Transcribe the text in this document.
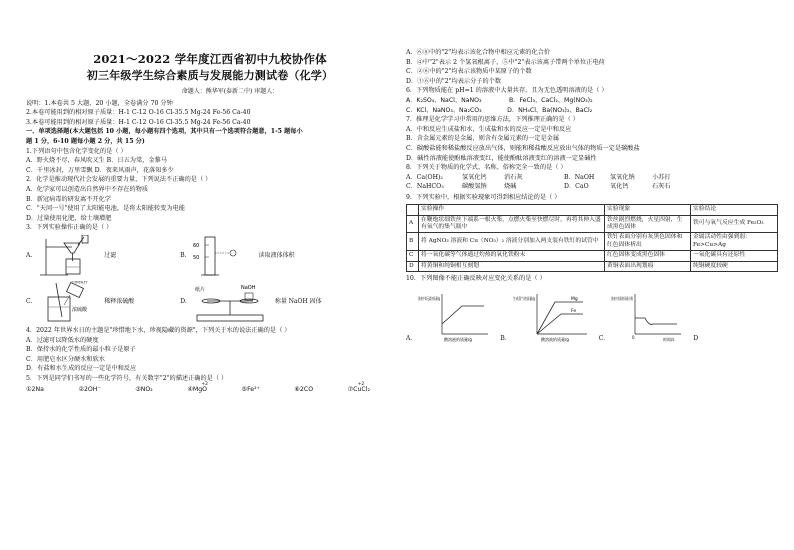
2021～2022 学年度江西省初中九校协作体
初三年级学生综合素质与发展能力测试卷（化学）
命题人：熊华军(泰新二中) 审题人：
说明：1.本卷共 5 大题，20 小题，全卷满分 70 分钟
2.本卷可能用到的相对原子质量：H-1 C-12 O-16 Cl-35.5 Mg-24 Fe-56 Ca-40
3.本卷可能用到的相对原子质量：H-1 C-12 O-16 Cl-35.5 Mg-24 Fe-56 Ca-40
一、单项选择题(本大题包括 10 小题，每小题有四个选项，其中只有一个选项符合题意，1-5 题每小
题 1 分，6-10 题每小题 2 分，共 15 分)
1.下列语句中包含化学变化的是（ ）
A．野火烧不尽，春风吹又生 B．日五为棠，金黎马
C．千里冰封，万里雪飘 D．夜来风雨声，花落知多少
2．化学是推动现代社会发展的重要力量，下列说法不正确的是（ ）
A．化学家可以创造出自然界中不存在的物质
B．新冠病毒的研发离不开化学
C．"天问一号"使用了太阳能电池，是将太阳能转变为电能
D．过量使用化肥，给土壤增肥
3．下列实验操作正确的是（ ）
A.	过滤	B.
60
50	读取液体体积
C.
浓硫酸
不断搅拌
稀释浓硫酸	D.
纸片	NaOH
称量 NaOH 固体
4．2022 年世界水日的主题是"珍惜地下水，珍视隐藏的资源"，下列关于水的说法正确的是（ ）
A．过滤可以降低水的硬度
B．保持水的化学性质的最小粒子是原子
C．用肥皂水区分硬水和软水
D．有盐和水生成的反应一定是中和反应
5．下列是同学们书写的一些化学符号，有关数字"2"的描述正确的是（ ）
①2Na	②2OH⁻	③NO₂
+2
④MgO	⑤Fe²⁺	⑥2CO
+2
⑦CuCl₂
A．⑥⑧中的"2"均表示该化合物中相应元素的化合价
B．④中"2"表示 2 个氢氧根离子，⑤中"2"表示该离子带两个单位正电荷
C．②⑥中的"2"均表示该物质中某原子的个数
D．①⑥中的"2"均表示分子的个数
6．下列物质能在 pH=1 的溶液中大量共存，且为无色透明溶液的是（ ）
A．K₂SO₄、NaCl、NaNO₃              B．FeCl₃、CaCl₂、Mg(NO₃)₂
C．KCl、NaNO₃、Na₂CO₃             D．NH₄Cl、Ba(NO₃)₂、BaCl₂
7．推理是化学学习中常用的思维方法，下列推理正确的是（ ）
A．中和反应生成盐和水，生成盐和水的反应一定是中和反应
B．含金属元素的是金属，则含有金属元素的一定是金属
C．碳酸盐能和稀盐酸反应放出气体，则能和稀盐酸反应放出气体的物质一定是碳酸盐
D．碱性溶液能使酚酞溶液变红，能使酚酞溶液变红的溶液一定显碱性
8．下列关于物质的化学式、名称、俗称完全一致的是（ ）
A．Ca(OH)₂	氢氧化钙	消石灰	B．NaOH	氢氧化钠	小苏打
C．NaHCO₃	碳酸氢钠	烧碱	D．CaO	氧化钙	石灰石
9．下列实验中，根据实验现象可得到相应结论的是（ ）
	实验操作	实验现象	实验结论
A	在鞭炮状细铁丝下端系一根火柴，点燃火柴至快燃尽时，再将其伸入盛有氧气的集气瓶中	铁丝剧烈燃烧，火星四射，生成黑色固体	铁可与氧气反应生成 Fe₂O₃
B	将 AgNO₃ 溶液和 Cu（NO₃）₂ 溶液分别加入两支装有铁钉的试管中	铁钉表面分别有灰黑色固体和红色固体析出	金属活动性由强到弱：Fe>Cu>Ag
C	将一氧化碳等气体通过灼热的氧化铁粉末	红色固体变成黑色固体	一氧化碳具有还原性
D	将黄铜和纯铜相互刻划	黄铜表面出现划痕	纯铜硬度较硬
10．下列图像不能正确反映对应变化关系的是（ ）
A．
溶液中氧元素的质量/g
酸溶液的质量/g	B．
生成氢气的质量/g	Mg
Fe
酸溶液的质量/g	C．
溶液中溶质的质量分数
0	时间/s	D
